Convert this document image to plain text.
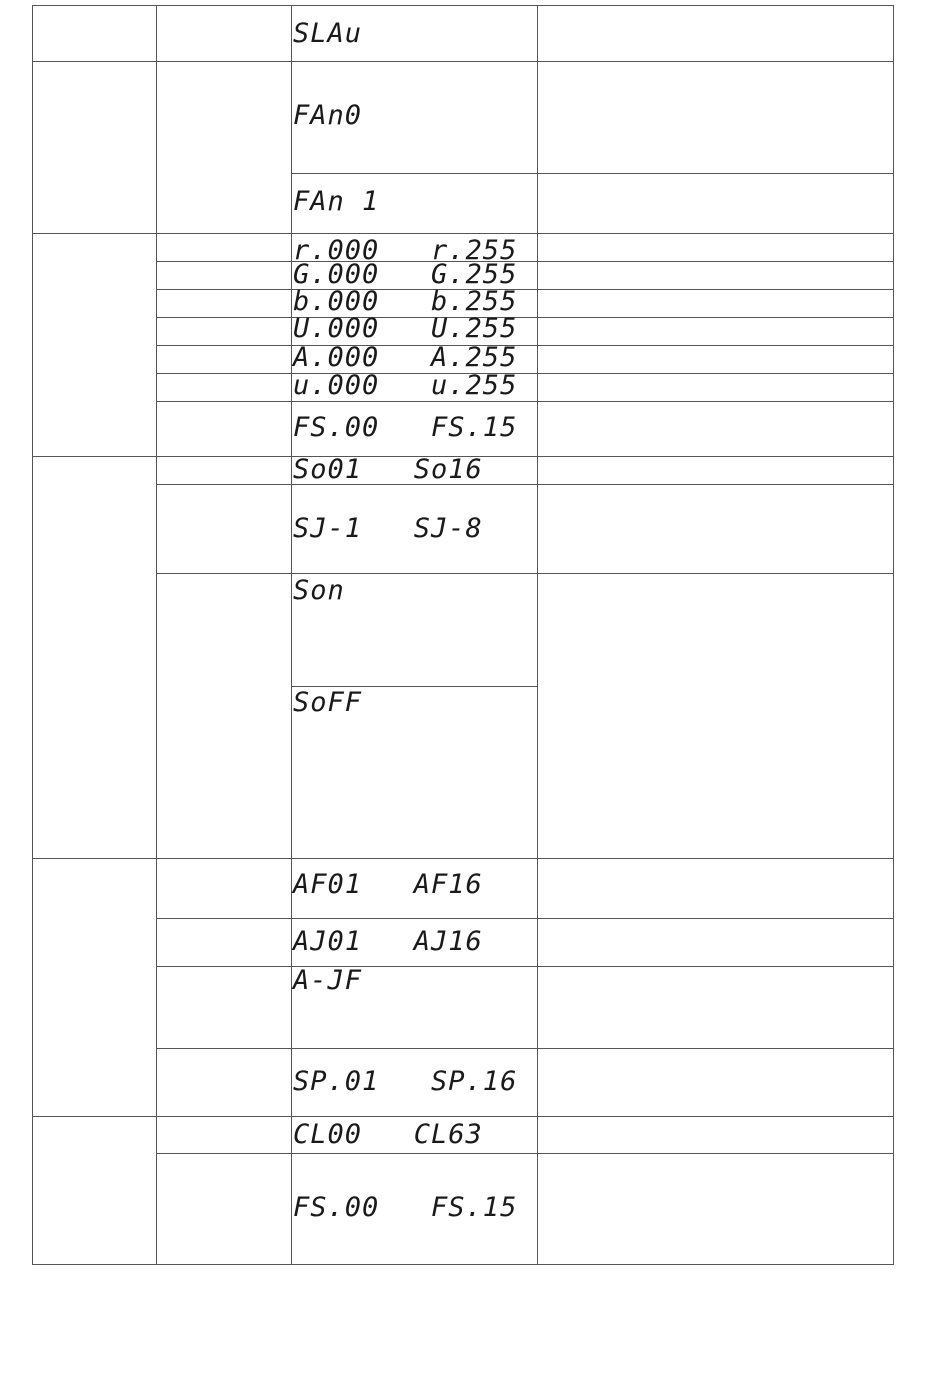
SLAu
FAn0
FAn 1
r.000   r.255
G.000   G.255
b.000   b.255
U.000   U.255
A.000   A.255
u.000   u.255
FS.00   FS.15
So01   So16
SJ-1   SJ-8
Son
SoFF
AF01   AF16
AJ01   AJ16
A-JF
SP.01   SP.16
CL00   CL63
FS.00   FS.15
